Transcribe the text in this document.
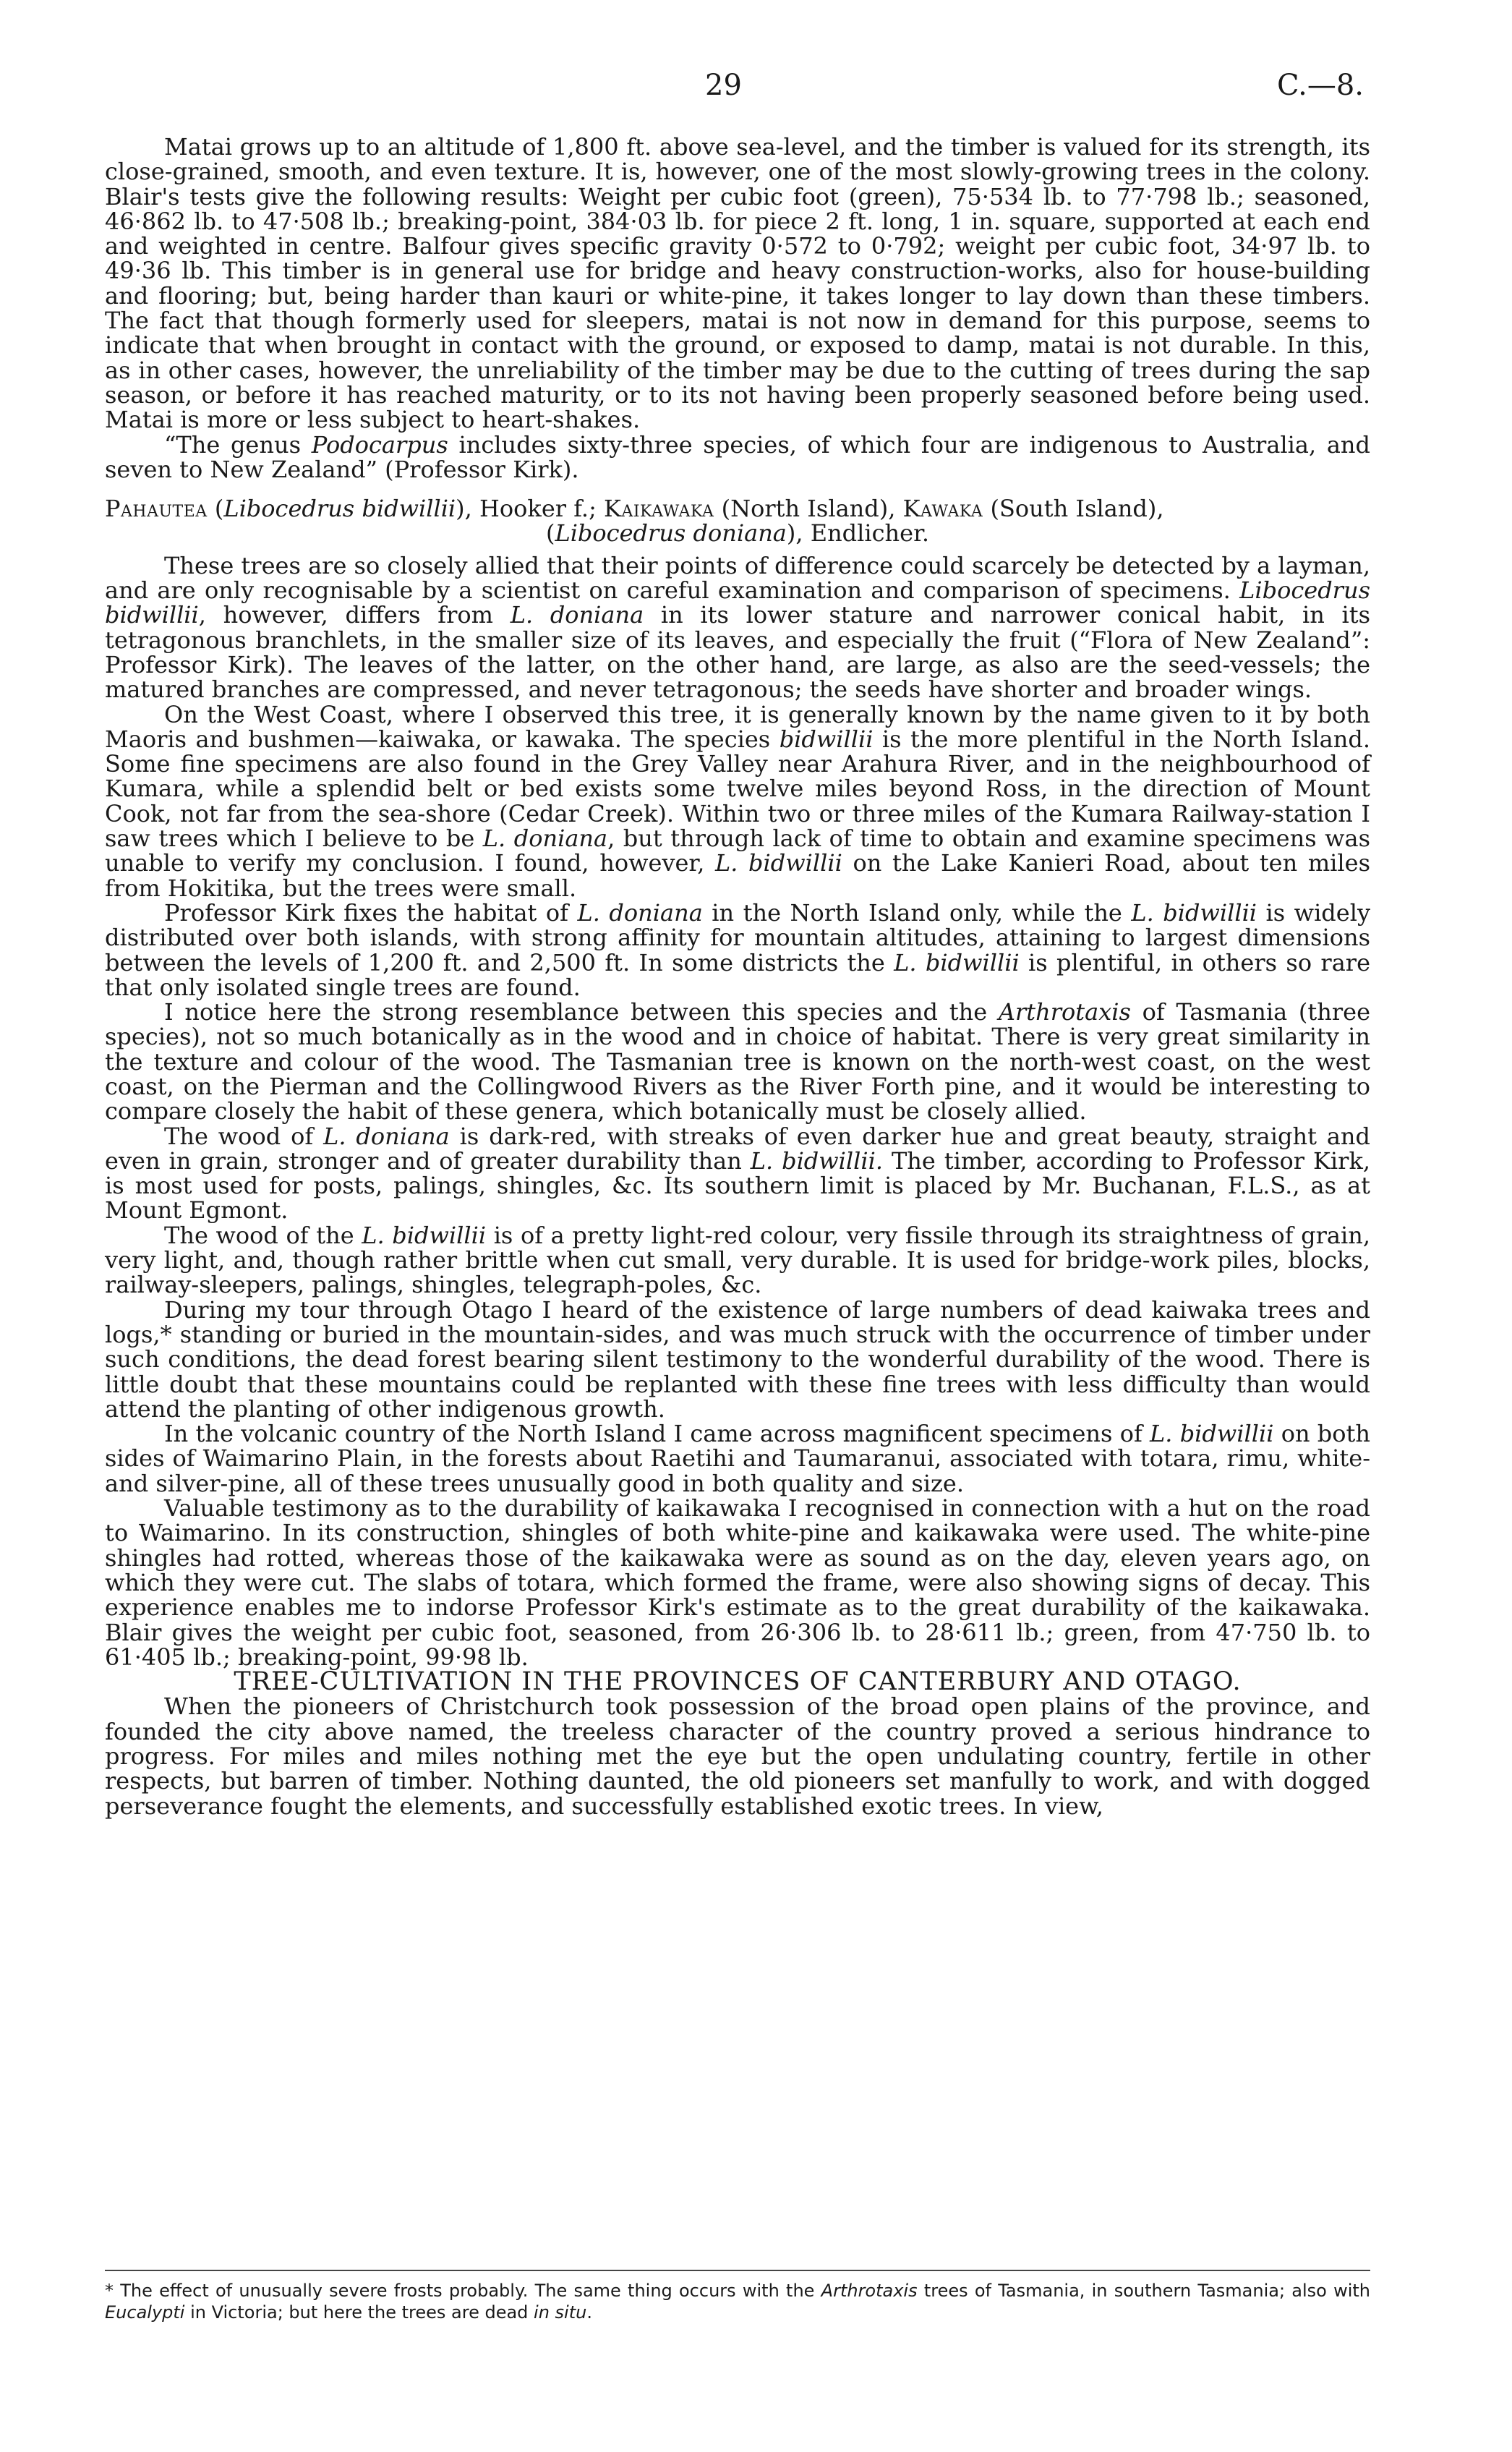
29	C.—8.

Matai grows up to an altitude of 1,800 ft. above sea-level, and the timber is valued for its strength, its close-grained, smooth, and even texture. It is, however, one of the most slowly-growing trees in the colony. Blair's tests give the following results: Weight per cubic foot (green), 75·534 lb. to 77·798 lb.; seasoned, 46·862 lb. to 47·508 lb.; breaking-point, 384·03 lb. for piece 2 ft. long, 1 in. square, supported at each end and weighted in centre. Balfour gives specific gravity 0·572 to 0·792; weight per cubic foot, 34·97 lb. to 49·36 lb. This timber is in general use for bridge and heavy construction-works, also for house-building and flooring; but, being harder than kauri or white-pine, it takes longer to lay down than these timbers. The fact that though formerly used for sleepers, matai is not now in demand for this purpose, seems to indicate that when brought in contact with the ground, or exposed to damp, matai is not durable. In this, as in other cases, however, the unreliability of the timber may be due to the cutting of trees during the sap season, or before it has reached maturity, or to its not having been properly seasoned before being used. Matai is more or less subject to heart-shakes.

“The genus Podocarpus includes sixty-three species, of which four are indigenous to Australia, and seven to New Zealand” (Professor Kirk).

Pahautea (Libocedrus bidwillii), Hooker f.; Kaikawaka (North Island), Kawaka (South Island),

(Libocedrus doniana), Endlicher.

These trees are so closely allied that their points of difference could scarcely be detected by a layman, and are only recognisable by a scientist on careful examination and comparison of specimens. Libocedrus bidwillii, however, differs from L. doniana in its lower stature and narrower conical habit, in its tetragonous branchlets, in the smaller size of its leaves, and especially the fruit (“Flora of New Zealand”: Professor Kirk). The leaves of the latter, on the other hand, are large, as also are the seed-vessels; the matured branches are compressed, and never tetragonous; the seeds have shorter and broader wings.

On the West Coast, where I observed this tree, it is generally known by the name given to it by both Maoris and bushmen—kaiwaka, or kawaka. The species bidwillii is the more plentiful in the North Island. Some fine specimens are also found in the Grey Valley near Arahura River, and in the neighbourhood of Kumara, while a splendid belt or bed exists some twelve miles beyond Ross, in the direction of Mount Cook, not far from the sea-shore (Cedar Creek). Within two or three miles of the Kumara Railway-station I saw trees which I believe to be L. doniana, but through lack of time to obtain and examine specimens was unable to verify my conclusion. I found, however, L. bidwillii on the Lake Kanieri Road, about ten miles from Hokitika, but the trees were small.

Professor Kirk fixes the habitat of L. doniana in the North Island only, while the L. bidwillii is widely distributed over both islands, with strong affinity for mountain altitudes, attaining to largest dimensions between the levels of 1,200 ft. and 2,500 ft. In some districts the L. bidwillii is plentiful, in others so rare that only isolated single trees are found.

I notice here the strong resemblance between this species and the Arthrotaxis of Tasmania (three species), not so much botanically as in the wood and in choice of habitat. There is very great similarity in the texture and colour of the wood. The Tasmanian tree is known on the north-west coast, on the west coast, on the Pierman and the Collingwood Rivers as the River Forth pine, and it would be interesting to compare closely the habit of these genera, which botanically must be closely allied.

The wood of L. doniana is dark-red, with streaks of even darker hue and great beauty, straight and even in grain, stronger and of greater durability than L. bidwillii. The timber, according to Professor Kirk, is most used for posts, palings, shingles, &c. Its southern limit is placed by Mr. Buchanan, F.L.S., as at Mount Egmont.

The wood of the L. bidwillii is of a pretty light-red colour, very fissile through its straightness of grain, very light, and, though rather brittle when cut small, very durable. It is used for bridge-work piles, blocks, railway-sleepers, palings, shingles, telegraph-poles, &c.

During my tour through Otago I heard of the existence of large numbers of dead kaiwaka trees and logs,* standing or buried in the mountain-sides, and was much struck with the occurrence of timber under such conditions, the dead forest bearing silent testimony to the wonderful durability of the wood. There is little doubt that these mountains could be replanted with these fine trees with less difficulty than would attend the planting of other indigenous growth.

In the volcanic country of the North Island I came across magnificent specimens of L. bidwillii on both sides of Waimarino Plain, in the forests about Raetihi and Taumaranui, associated with totara, rimu, white- and silver-pine, all of these trees unusually good in both quality and size.

Valuable testimony as to the durability of kaikawaka I recognised in connection with a hut on the road to Waimarino. In its construction, shingles of both white-pine and kaikawaka were used. The white-pine shingles had rotted, whereas those of the kaikawaka were as sound as on the day, eleven years ago, on which they were cut. The slabs of totara, which formed the frame, were also showing signs of decay. This experience enables me to indorse Professor Kirk's estimate as to the great durability of the kaikawaka. Blair gives the weight per cubic foot, seasoned, from 26·306 lb. to 28·611 lb.; green, from 47·750 lb. to 61·405 lb.; breaking-point, 99·98 lb.

TREE-CULTIVATION IN THE PROVINCES OF CANTERBURY AND OTAGO.

When the pioneers of Christchurch took possession of the broad open plains of the province, and founded the city above named, the treeless character of the country proved a serious hindrance to progress. For miles and miles nothing met the eye but the open undulating country, fertile in other respects, but barren of timber. Nothing daunted, the old pioneers set manfully to work, and with dogged perseverance fought the elements, and successfully established exotic trees. In view,

* The effect of unusually severe frosts probably. The same thing occurs with the Arthrotaxis trees of Tasmania, in southern Tasmania; also with Eucalypti in Victoria; but here the trees are dead in situ.
